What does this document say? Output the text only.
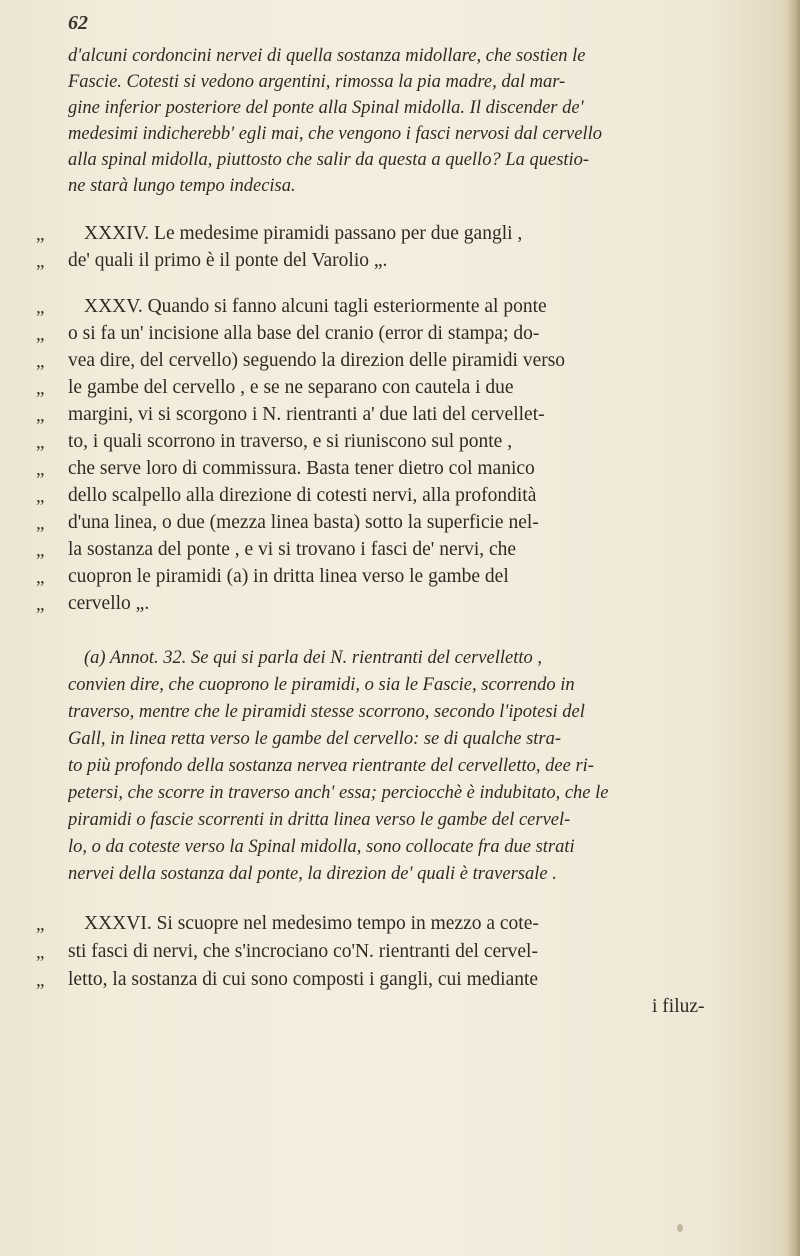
62
d'alcuni cordoncini nervei di quella sostanza midollare, che sostien le
Fascie. Cotesti si vedono argentini, rimossa la pia madre, dal mar-
gine inferior posteriore del ponte alla Spinal midolla. Il discender de'
medesimi indicherebb' egli mai, che vengono i fasci nervosi dal cervello
alla spinal midolla, piuttosto che salir da questa a quello? La questio-
ne starà lungo tempo indecisa.
„ XXXIV. Le medesime piramidi passano per due gangli ,
„ de' quali il primo è il ponte del Varolio „.
„ XXXV. Quando si fanno alcuni tagli esteriormente al ponte
„ o si fa un' incisione alla base del cranio (error di stampa; do-
„ vea dire, del cervello) seguendo la direzion delle piramidi verso
„ le gambe del cervello , e se ne separano con cautela i due
„ margini, vi si scorgono i N. rientranti a' due lati del cervellet-
„ to, i quali scorrono in traverso, e si riuniscono sul ponte ,
„ che serve loro di commissura. Basta tener dietro col manico
„ dello scalpello alla direzione di cotesti nervi, alla profondità
„ d'una linea, o due (mezza linea basta) sotto la superficie nel-
„ la sostanza del ponte , e vi si trovano i fasci de' nervi, che
„ cuopron le piramidi (a) in dritta linea verso le gambe del
„ cervello „.
(a) Annot. 32. Se qui si parla dei N. rientranti del cervelletto ,
convien dire, che cuoprono le piramidi, o sia le Fascie, scorrendo in
traverso, mentre che le piramidi stesse scorrono, secondo l'ipotesi del
Gall, in linea retta verso le gambe del cervello: se di qualche stra-
to più profondo della sostanza nervea rientrante del cervelletto, dee ri-
petersi, che scorre in traverso anch' essa; perciocchè è indubitato, che le
piramidi o fascie scorrenti in dritta linea verso le gambe del cervel-
lo, o da coteste verso la Spinal midolla, sono collocate fra due strati
nervei della sostanza dal ponte, la direzion de' quali è traversale .
„ XXXVI. Si scuopre nel medesimo tempo in mezzo a cote-
„ sti fasci di nervi, che s'incrociano co'N. rientranti del cervel-
„ letto, la sostanza di cui sono composti i gangli, cui mediante
i filuz-
